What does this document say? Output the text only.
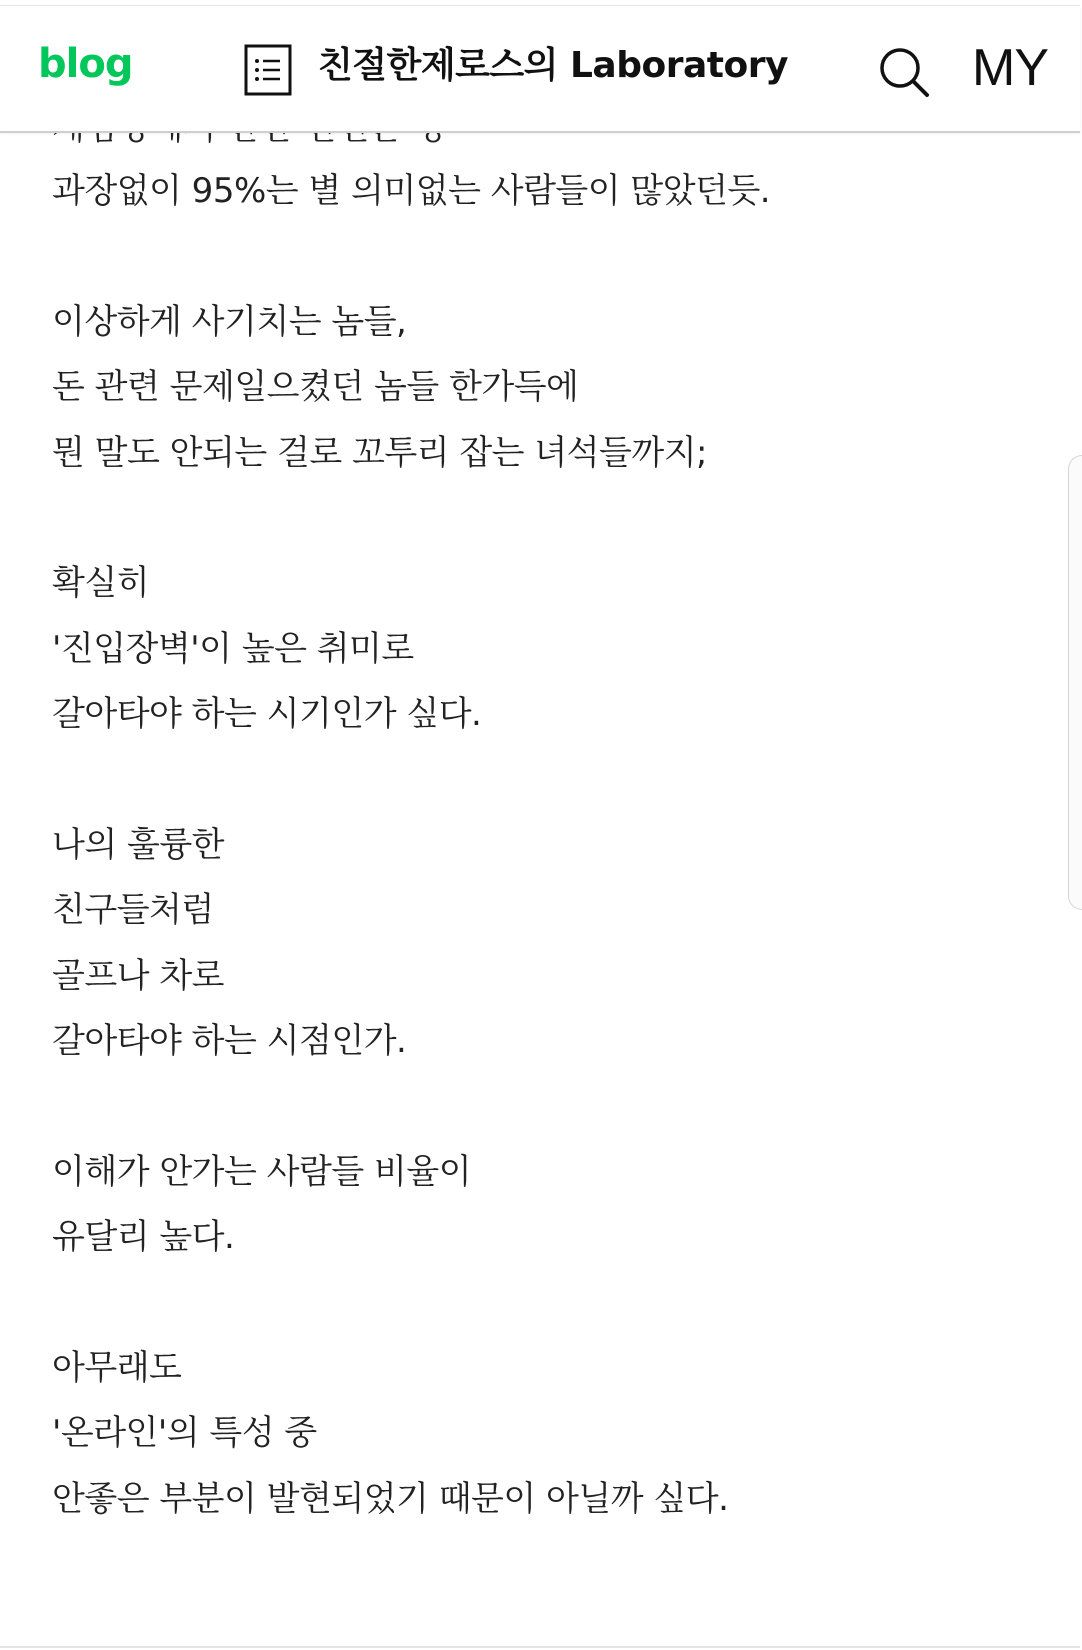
과장없이 95%는 별 의미없는 사람들이 많았던듯.
이상하게 사기치는 놈들,
돈 관련 문제일으켰던 놈들 한가득에
뭔 말도 안되는 걸로 꼬투리 잡는 녀석들까지;
확실히
'진입장벽'이 높은 취미로
갈아타야 하는 시기인가 싶다.
나의 훌륭한
친구들처럼
골프나 차로
갈아타야 하는 시점인가.
이해가 안가는 사람들 비율이
유달리 높다.
아무래도
'온라인'의 특성 중
안좋은 부분이 발현되었기 때문이 아닐까 싶다.
blog	친절한제로스의 Laboratory	MY
